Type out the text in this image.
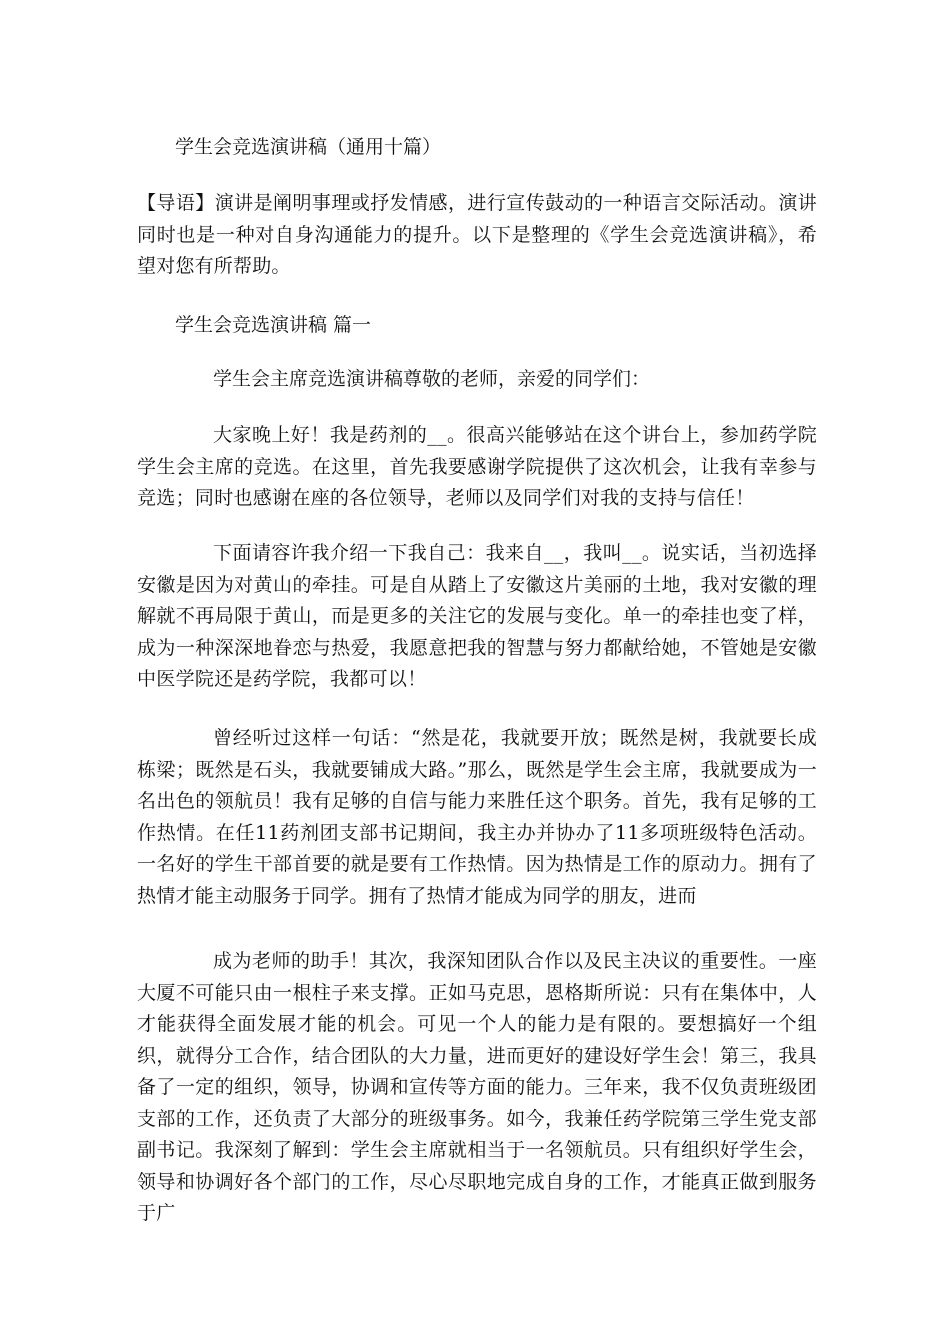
学生会竞选演讲稿（通用十篇）

【导语】演讲是阐明事理或抒发情感，进行宣传鼓动的一种语言交际活动。演讲同时也是一种对自身沟通能力的提升。以下是整理的《学生会竞选演讲稿》，希望对您有所帮助。

学生会竞选演讲稿 篇一
学生会主席竞选演讲稿尊敬的老师，亲爱的同学们：

大家晚上好！我是药剂的__。很高兴能够站在这个讲台上，参加药学院学生会主席的竞选。在这里，首先我要感谢学院提供了这次机会，让我有幸参与竞选；同时也感谢在座的各位领导，老师以及同学们对我的支持与信任！

下面请容许我介绍一下我自己：我来自__，我叫__。说实话，当初选择安徽是因为对黄山的牵挂。可是自从踏上了安徽这片美丽的土地，我对安徽的理解就不再局限于黄山，而是更多的关注它的发展与变化。单一的牵挂也变了样，成为一种深深地眷恋与热爱，我愿意把我的智慧与努力都献给她，不管她是安徽中医学院还是药学院，我都可以！

曾经听过这样一句话：“然是花，我就要开放；既然是树，我就要长成栋梁；既然是石头，我就要铺成大路。”那么，既然是学生会主席，我就要成为一名出色的领航员！我有足够的自信与能力来胜任这个职务。首先，我有足够的工作热情。在任11药剂团支部书记期间，我主办并协办了11多项班级特色活动。一名好的学生干部首要的就是要有工作热情。因为热情是工作的原动力。拥有了热情才能主动服务于同学。拥有了热情才能成为同学的朋友，进而

成为老师的助手！其次，我深知团队合作以及民主决议的重要性。一座大厦不可能只由一根柱子来支撑。正如马克思，恩格斯所说：只有在集体中，人才能获得全面发展才能的机会。可见一个人的能力是有限的。要想搞好一个组织，就得分工合作，结合团队的大力量，进而更好的建设好学生会！第三，我具备了一定的组织，领导，协调和宣传等方面的能力。三年来，我不仅负责班级团支部的工作，还负责了大部分的班级事务。如今，我兼任药学院第三学生党支部副书记。我深刻了解到：学生会主席就相当于一名领航员。只有组织好学生会，领导和协调好各个部门的工作，尽心尽职地完成自身的工作，才能真正做到服务于广
